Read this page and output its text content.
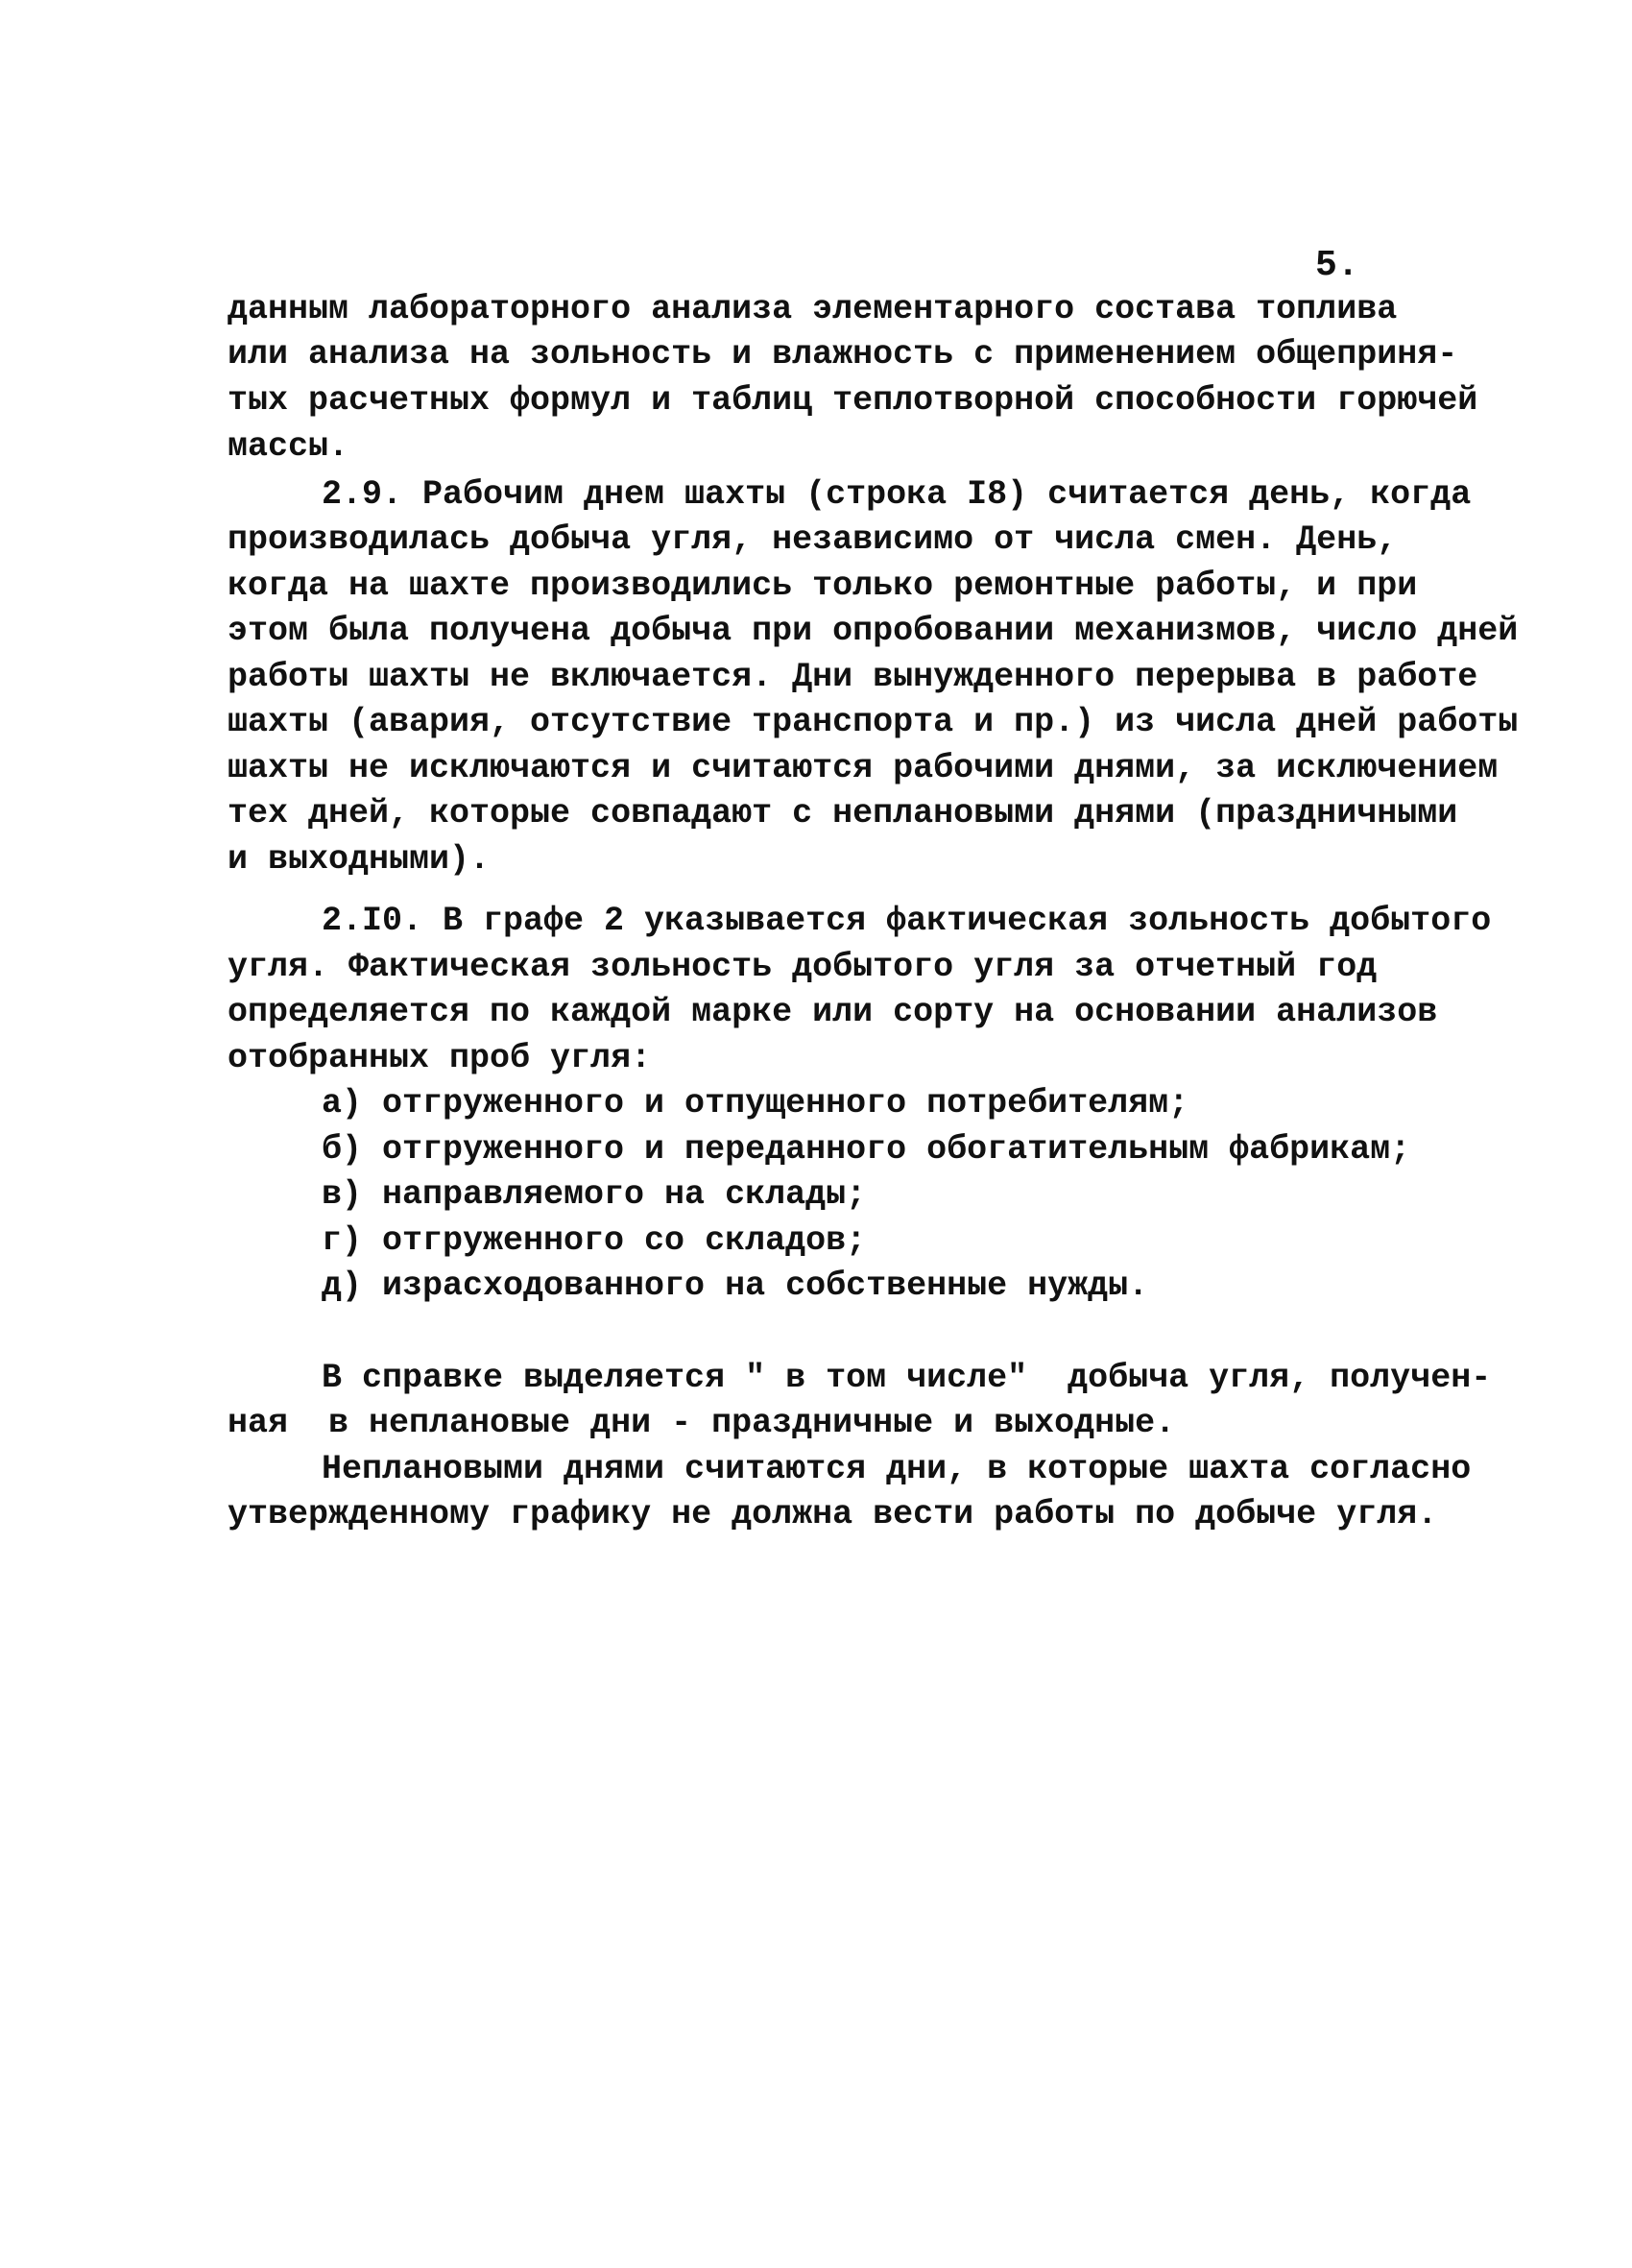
5.
данным лабораторного анализа элементарного состава топлива
или анализа на зольность и влажность с применением общеприня-
тых расчетных формул и таблиц теплотворной способности горючей
массы.
2.9. Рабочим днем шахты (строка I8) считается день, когда
производилась добыча угля, независимо от числа смен. День,
когда на шахте производились только ремонтные работы, и при
этом была получена добыча при опробовании механизмов, число дней
работы шахты не включается. Дни вынужденного перерыва в работе
шахты (авария, отсутствие транспорта и пр.) из числа дней работы
шахты не исключаются и считаются рабочими днями, за исключением
тех дней, которые совпадают с неплановыми днями (праздничными
и выходными).
2.I0. В графе 2 указывается фактическая зольность добытого
угля. Фактическая зольность добытого угля за отчетный год
определяется по каждой марке или сорту на основании анализов
отобранных проб угля:
а) отгруженного и отпущенного потребителям;
б) отгруженного и переданного обогатительным фабрикам;
в) направляемого на склады;
г) отгруженного со складов;
д) израсходованного на собственные нужды.
В справке выделяется " в том числе"  добыча угля, получен-
ная  в неплановые дни - праздничные и выходные.
Неплановыми днями считаются дни, в которые шахта согласно
утвержденному графику не должна вести работы по добыче угля.
